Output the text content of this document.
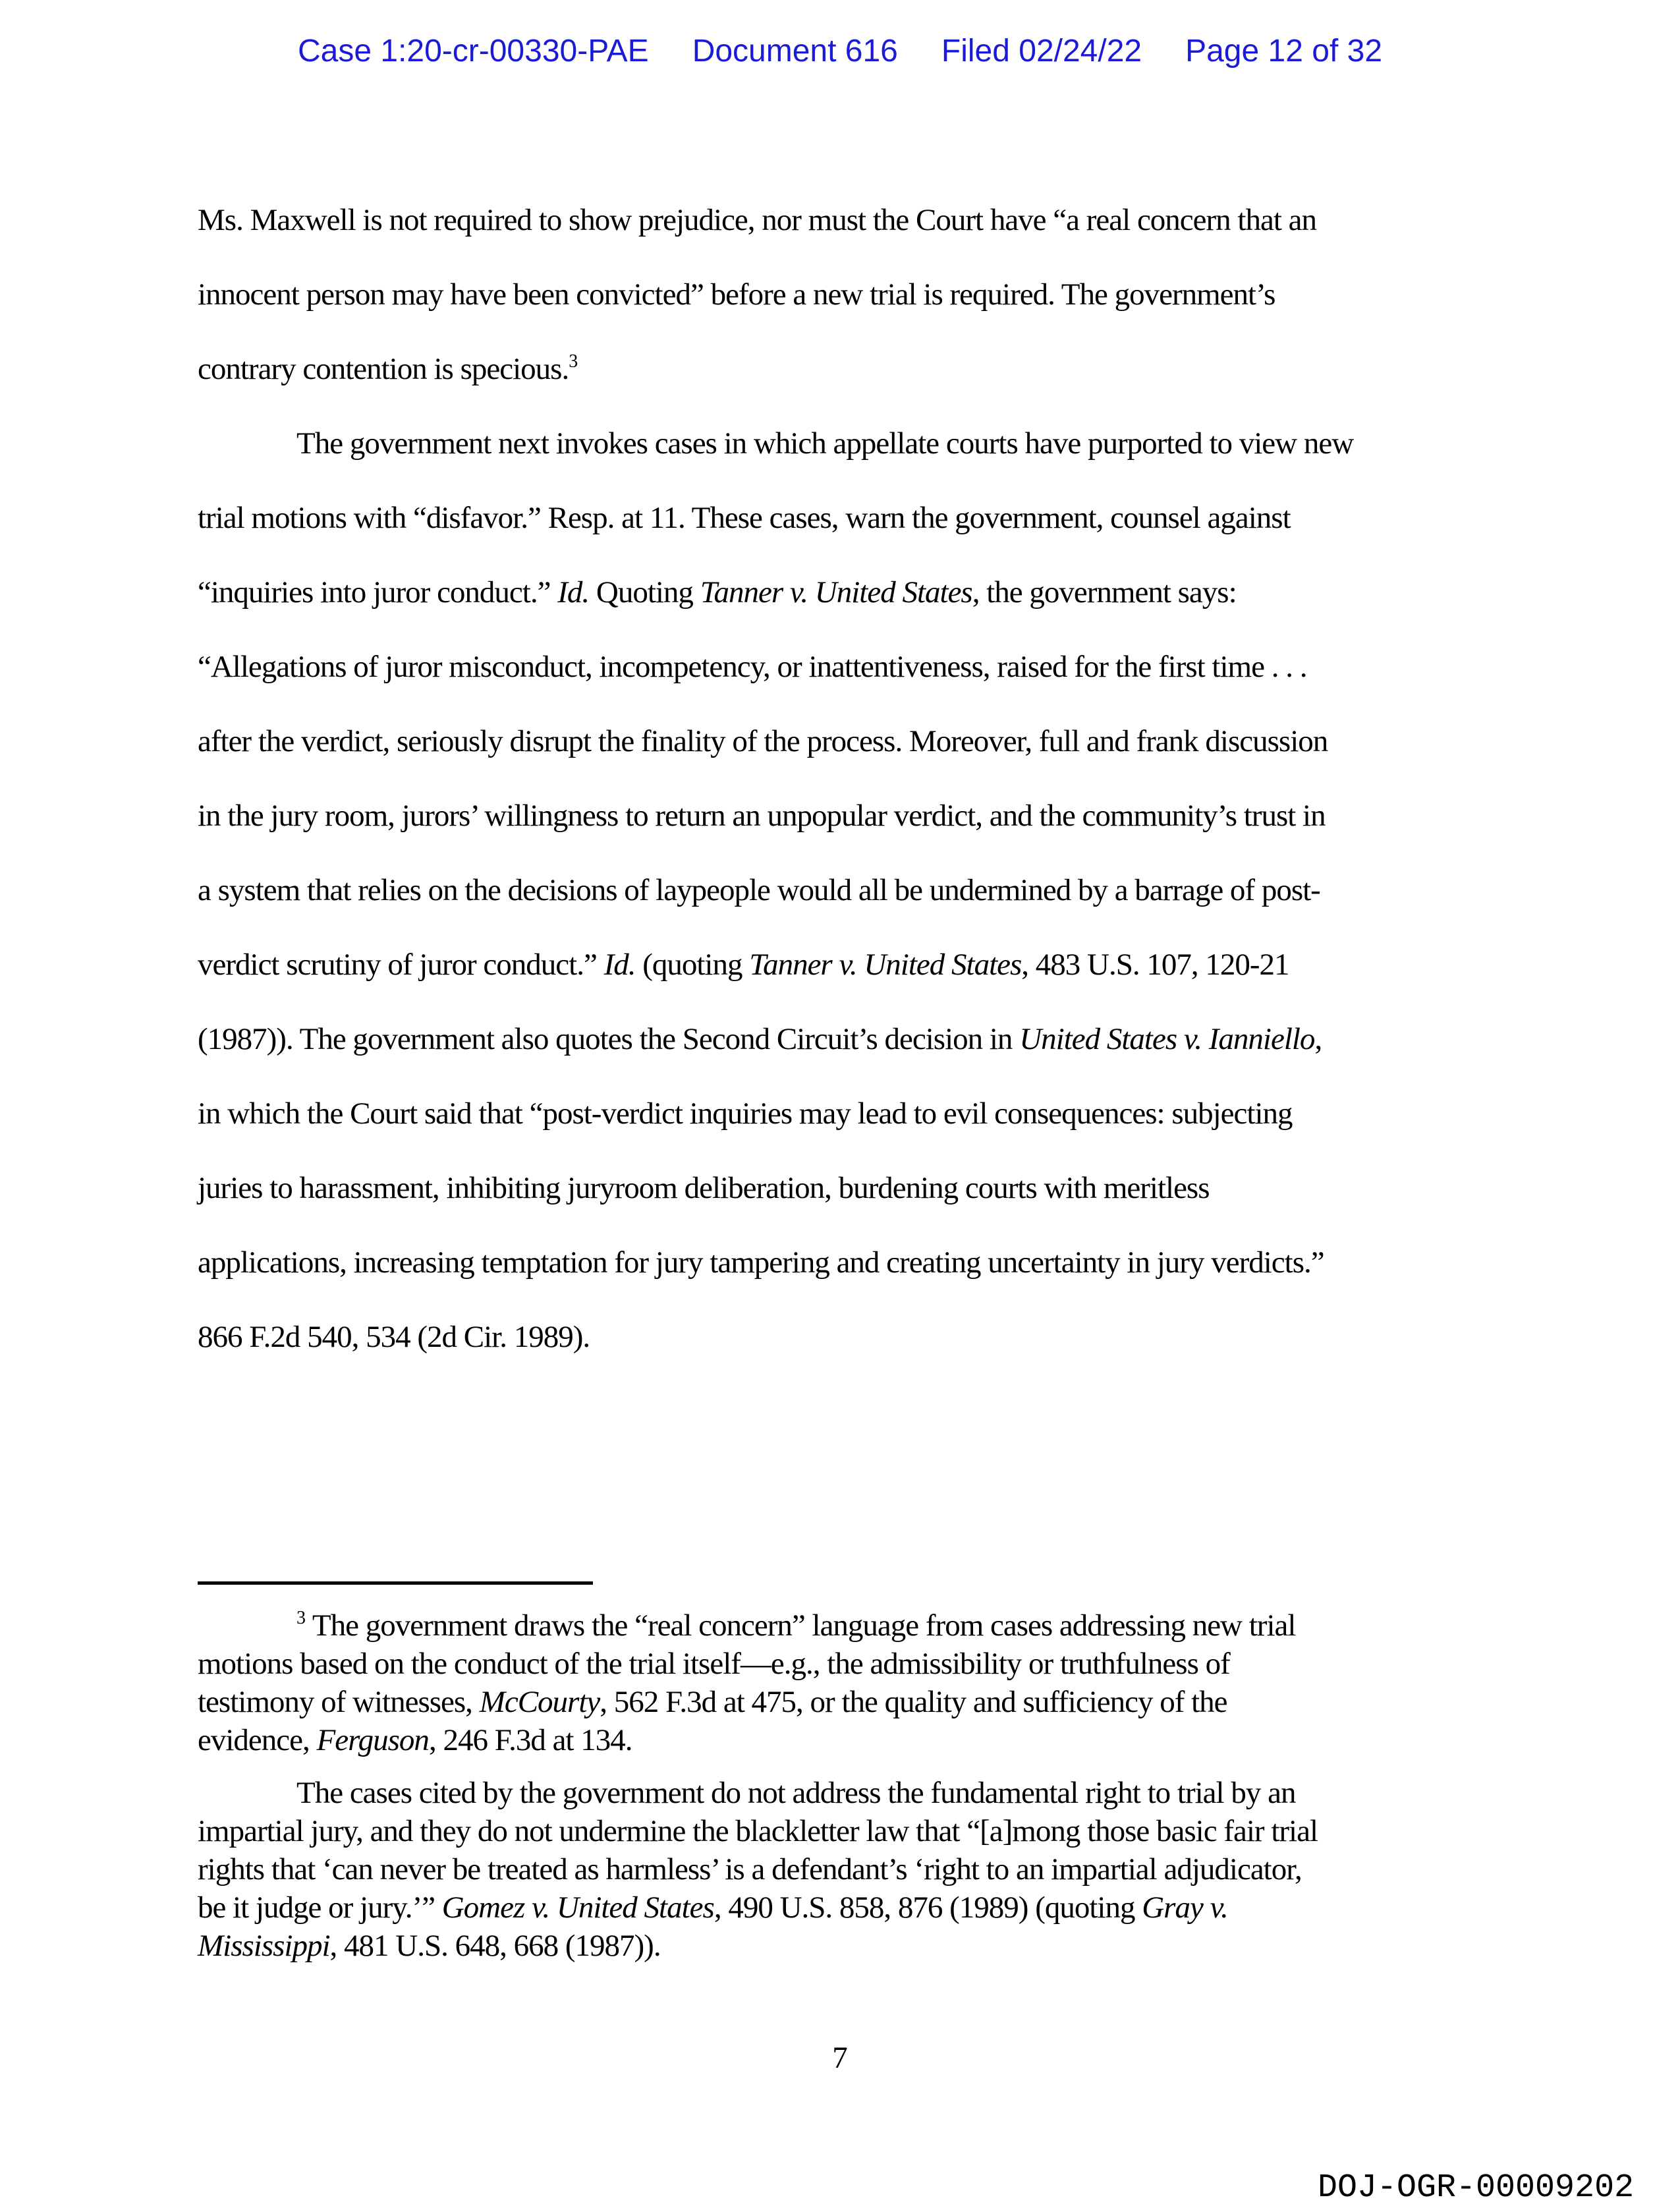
Case 1:20-cr-00330-PAE Document 616 Filed 02/24/22 Page 12 of 32
Ms. Maxwell is not required to show prejudice, nor must the Court have “a real concern that an
innocent person may have been convicted” before a new trial is required. The government’s
contrary contention is specious.$^3$
The government next invokes cases in which appellate courts have purported to view new
trial motions with “disfavor.” Resp. at 11. These cases, warn the government, counsel against
“inquiries into juror conduct.” Id. Quoting Tanner v. United States, the government says:
“Allegations of juror misconduct, incompetency, or inattentiveness, raised for the first time . . .
after the verdict, seriously disrupt the finality of the process. Moreover, full and frank discussion
in the jury room, jurors’ willingness to return an unpopular verdict, and the community’s trust in
a system that relies on the decisions of laypeople would all be undermined by a barrage of post-
verdict scrutiny of juror conduct.” Id. (quoting Tanner v. United States, 483 U.S. 107, 120-21
(1987)). The government also quotes the Second Circuit’s decision in United States v. Ianniello,
in which the Court said that “post-verdict inquiries may lead to evil consequences: subjecting
juries to harassment, inhibiting juryroom deliberation, burdening courts with meritless
applications, increasing temptation for jury tampering and creating uncertainty in jury verdicts.”
866 F.2d 540, 534 (2d Cir. 1989).
$^3$ The government draws the “real concern” language from cases addressing new trial
motions based on the conduct of the trial itself—e.g., the admissibility or truthfulness of
testimony of witnesses, McCourty, 562 F.3d at 475, or the quality and sufficiency of the
evidence, Ferguson, 246 F.3d at 134.
The cases cited by the government do not address the fundamental right to trial by an
impartial jury, and they do not undermine the blackletter law that “[a]mong those basic fair trial
rights that ‘can never be treated as harmless’ is a defendant’s ‘right to an impartial adjudicator,
be it judge or jury.’” Gomez v. United States, 490 U.S. 858, 876 (1989) (quoting Gray v.
Mississippi, 481 U.S. 648, 668 (1987)).
7
DOJ-OGR-00009202
